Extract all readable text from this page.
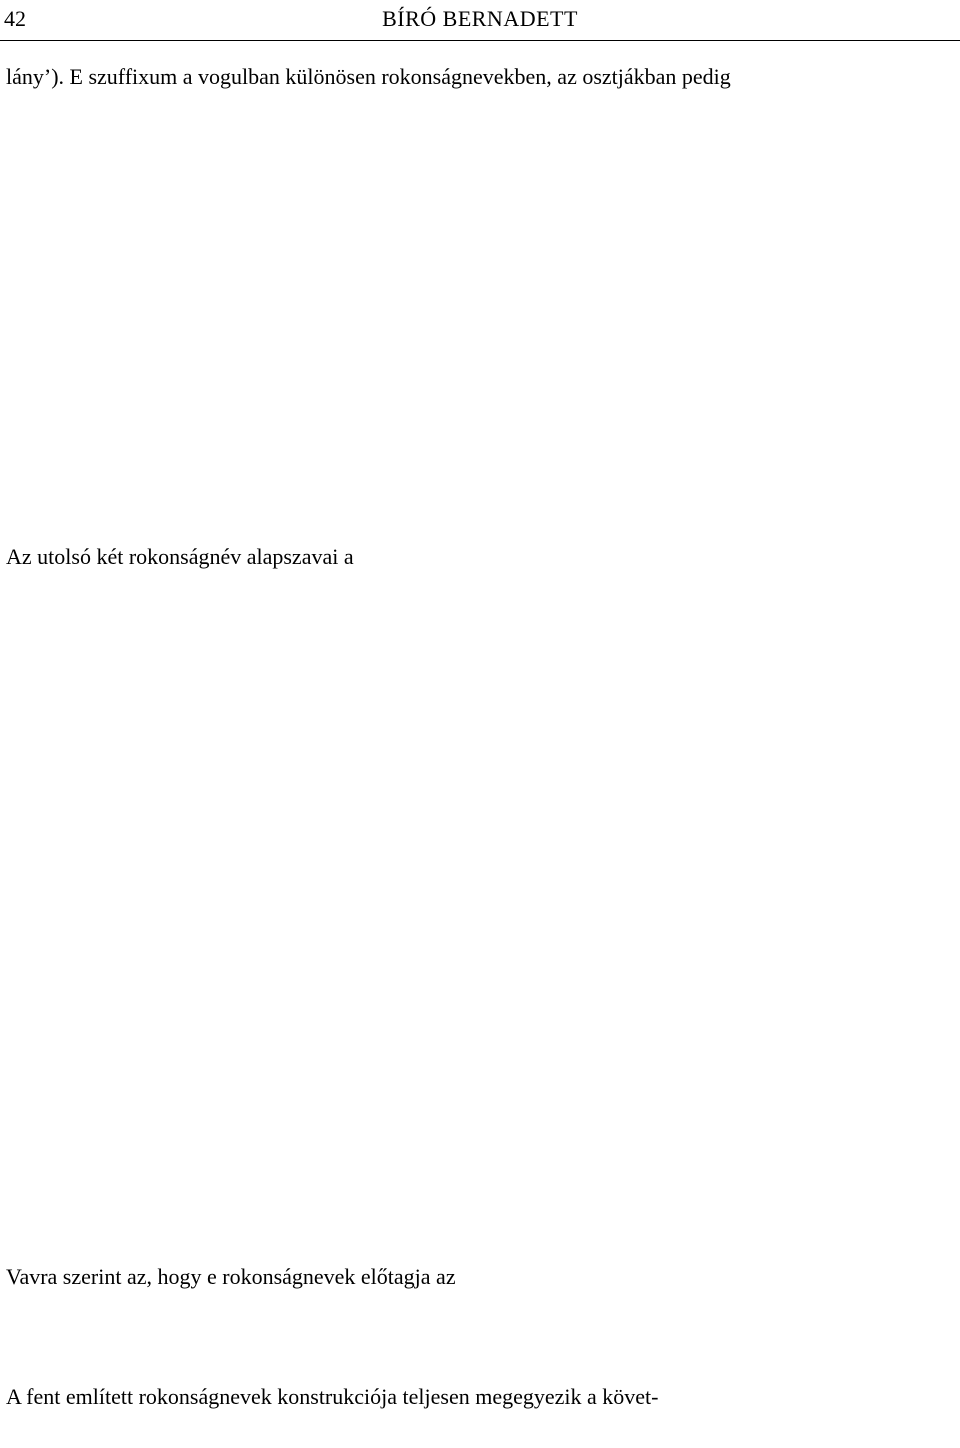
42	BÍRÓ BERNADETT
lány’). E szuffixum a vogulban különösen rokonságnevekben, az osztjákban pedig
Az utolsó két rokonságnév alapszavai a
Vavra szerint az, hogy e rokonságnevek előtagja az
A fent említett rokonságnevek konstrukciója teljesen megegyezik a követ-
